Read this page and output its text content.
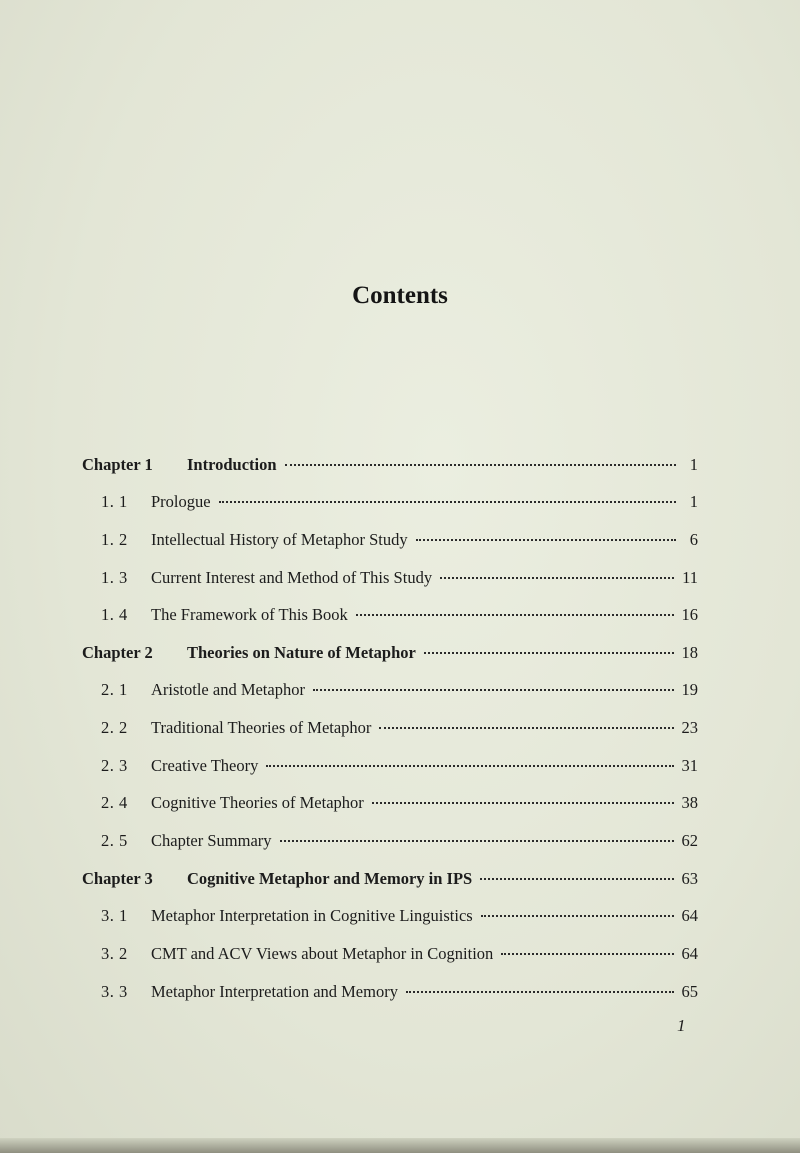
Contents
Chapter 1	Introduction	1
1. 1	Prologue	1
1. 2	Intellectual History of Metaphor Study	6
1. 3	Current Interest and Method of This Study	11
1. 4	The Framework of This Book	16
Chapter 2	Theories on Nature of Metaphor	18
2. 1	Aristotle and Metaphor	19
2. 2	Traditional Theories of Metaphor	23
2. 3	Creative Theory	31
2. 4	Cognitive Theories of Metaphor	38
2. 5	Chapter Summary	62
Chapter 3	Cognitive Metaphor and Memory in IPS	63
3. 1	Metaphor Interpretation in Cognitive Linguistics	64
3. 2	CMT and ACV Views about Metaphor in Cognition	64
3. 3	Metaphor Interpretation and Memory	65
1
